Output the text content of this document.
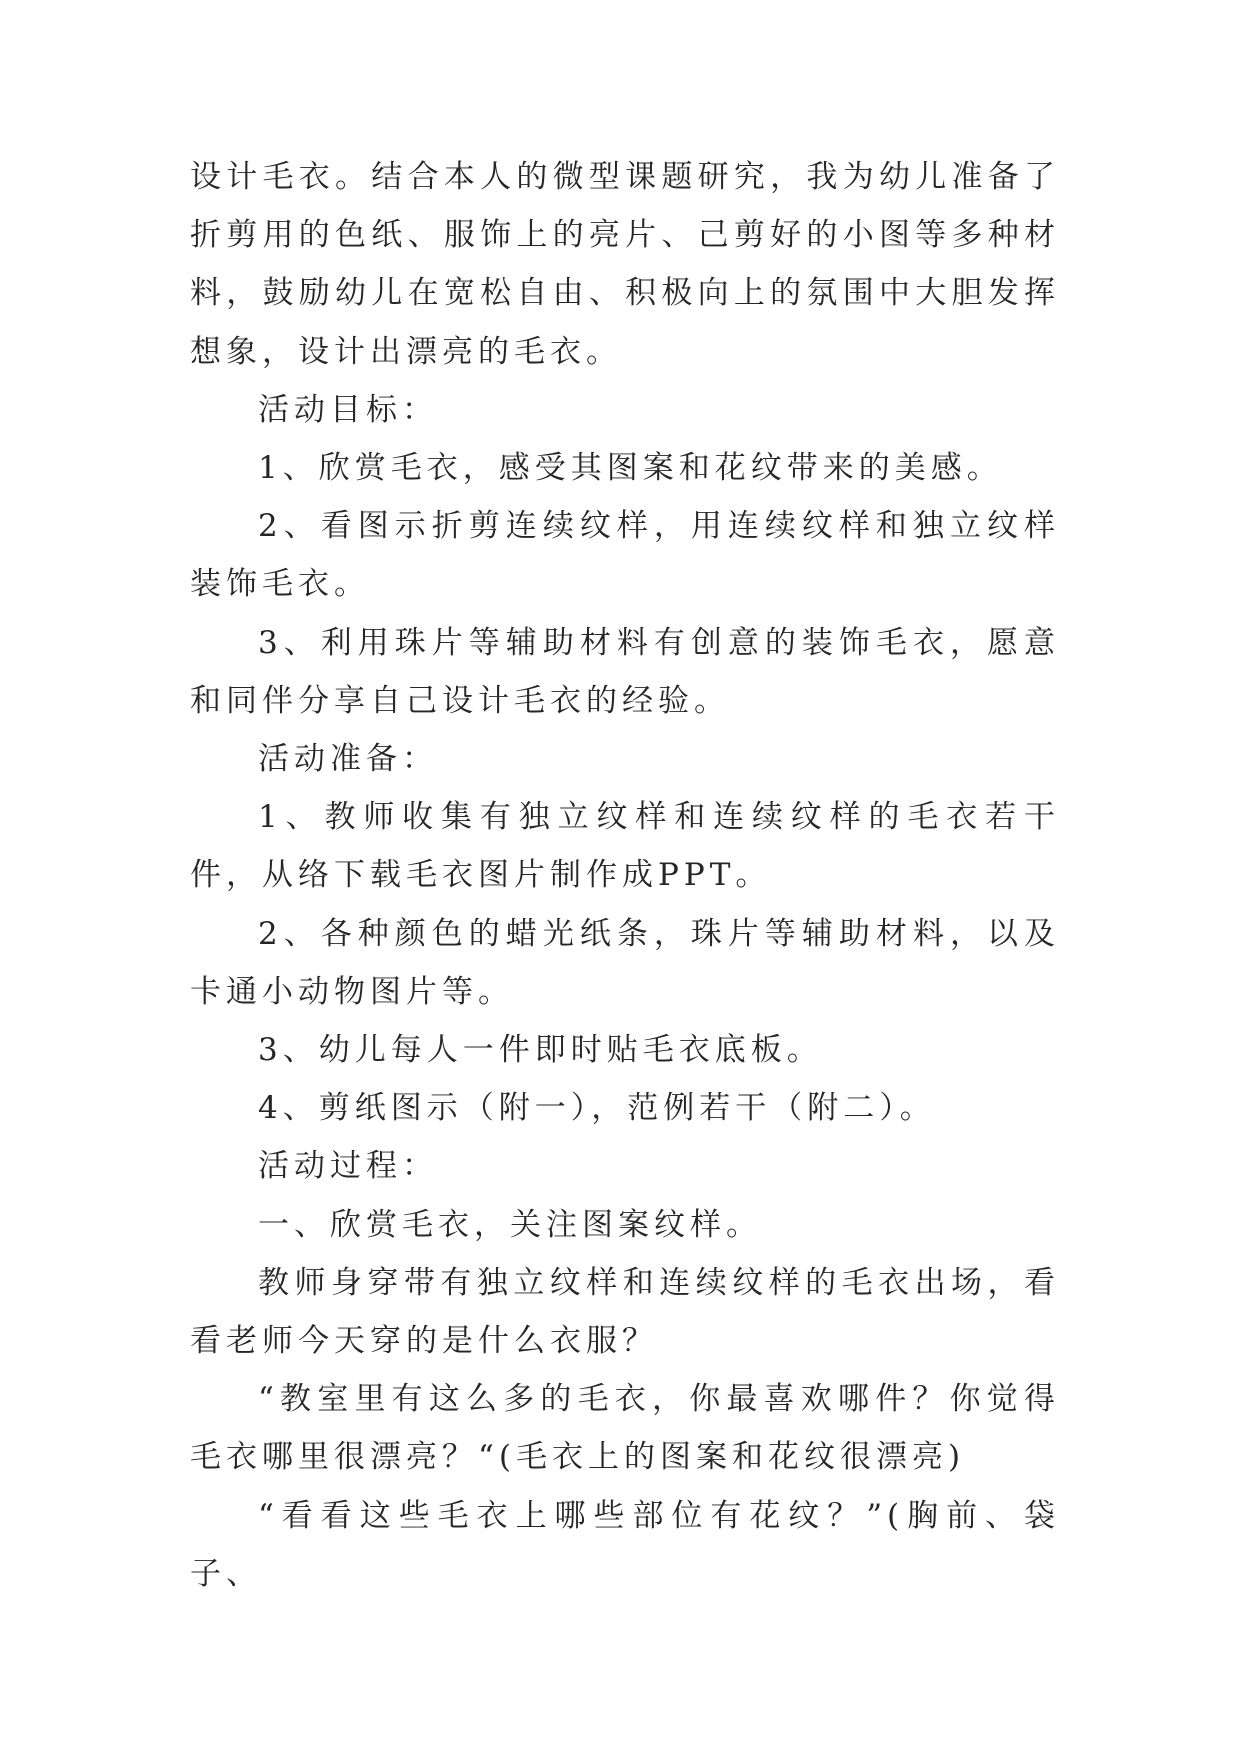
设计毛衣。结合本人的微型课题研究，我为幼儿准备了折剪用的色纸、服饰上的亮片、己剪好的小图等多种材料，鼓励幼儿在宽松自由、积极向上的氛围中大胆发挥想象，设计出漂亮的毛衣。

活动目标：

1、欣赏毛衣，感受其图案和花纹带来的美感。

2、看图示折剪连续纹样，用连续纹样和独立纹样装饰毛衣。

3、利用珠片等辅助材料有创意的装饰毛衣，愿意和同伴分享自己设计毛衣的经验。

活动准备：

1、教师收集有独立纹样和连续纹样的毛衣若干件，从络下载毛衣图片制作成PPT。

2、各种颜色的蜡光纸条，珠片等辅助材料，以及卡通小动物图片等。

3、幼儿每人一件即时贴毛衣底板。

4、剪纸图示（附一），范例若干（附二）。

活动过程：

一、欣赏毛衣，关注图案纹样。

教师身穿带有独立纹样和连续纹样的毛衣出场，看看老师今天穿的是什么衣服？

“教室里有这么多的毛衣，你最喜欢哪件？你觉得毛衣哪里很漂亮？“(毛衣上的图案和花纹很漂亮)

“看看这些毛衣上哪些部位有花纹？”(胸前、袋子、
